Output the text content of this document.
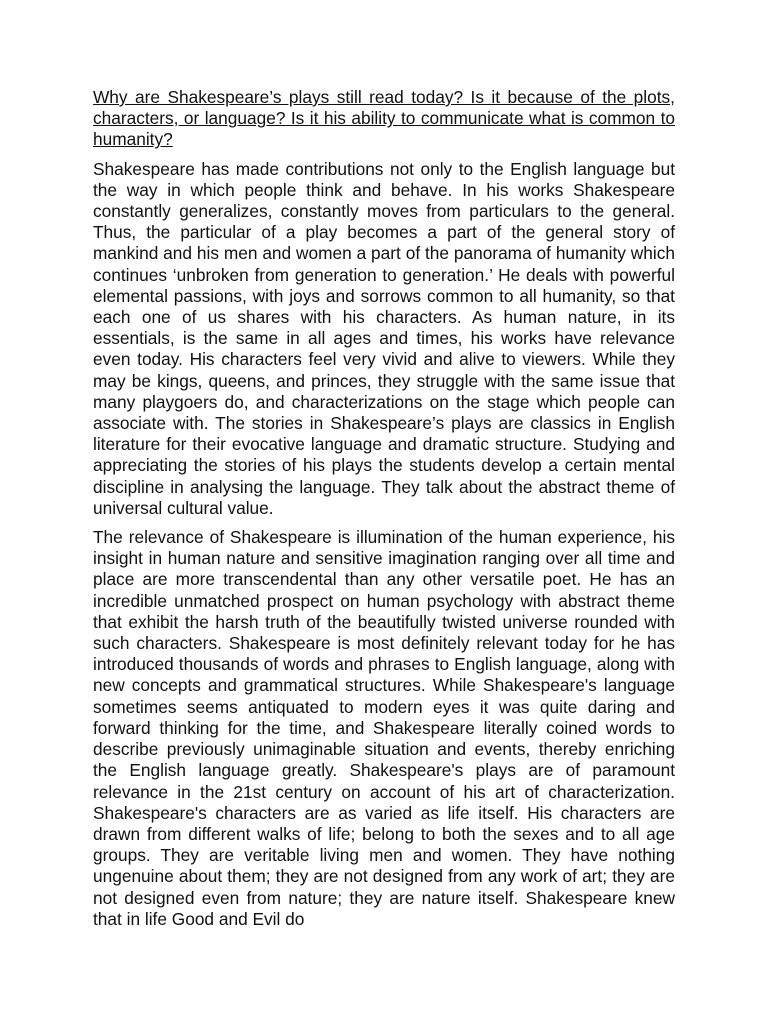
Why are Shakespeare’s plays still read today? Is it because of the plots, characters, or language? Is it his ability to communicate what is common to humanity?

Shakespeare has made contributions not only to the English language but the way in which people think and behave. In his works Shakespeare constantly generalizes, constantly moves from particulars to the general. Thus, the particular of a play becomes a part of the general story of mankind and his men and women a part of the panorama of humanity which continues ‘unbroken from generation to generation.’ He deals with powerful elemental passions, with joys and sorrows common to all humanity, so that each one of us shares with his characters. As human nature, in its essentials, is the same in all ages and times, his works have relevance even today. His characters feel very vivid and alive to viewers. While they may be kings, queens, and princes, they struggle with the same issue that many playgoers do, and characterizations on the stage which people can associate with. The stories in Shakespeare’s plays are classics in English literature for their evocative language and dramatic structure. Studying and appreciating the stories of his plays the students develop a certain mental discipline in analysing the language. They talk about the abstract theme of universal cultural value.

The relevance of Shakespeare is illumination of the human experience, his insight in human nature and sensitive imagination ranging over all time and place are more transcendental than any other versatile poet. He has an incredible unmatched prospect on human psychology with abstract theme that exhibit the harsh truth of the beautifully twisted universe rounded with such characters. Shakespeare is most definitely relevant today for he has introduced thousands of words and phrases to English language, along with new concepts and grammatical structures. While Shakespeare's language sometimes seems antiquated to modern eyes it was quite daring and forward thinking for the time, and Shakespeare literally coined words to describe previously unimaginable situation and events, thereby enriching the English language greatly. Shakespeare's plays are of paramount relevance in the 21st century on account of his art of characterization. Shakespeare's characters are as varied as life itself. His characters are drawn from different walks of life; belong to both the sexes and to all age groups. They are veritable living men and women. They have nothing ungenuine about them; they are not designed from any work of art; they are not designed even from nature; they are nature itself. Shakespeare knew that in life Good and Evil do
